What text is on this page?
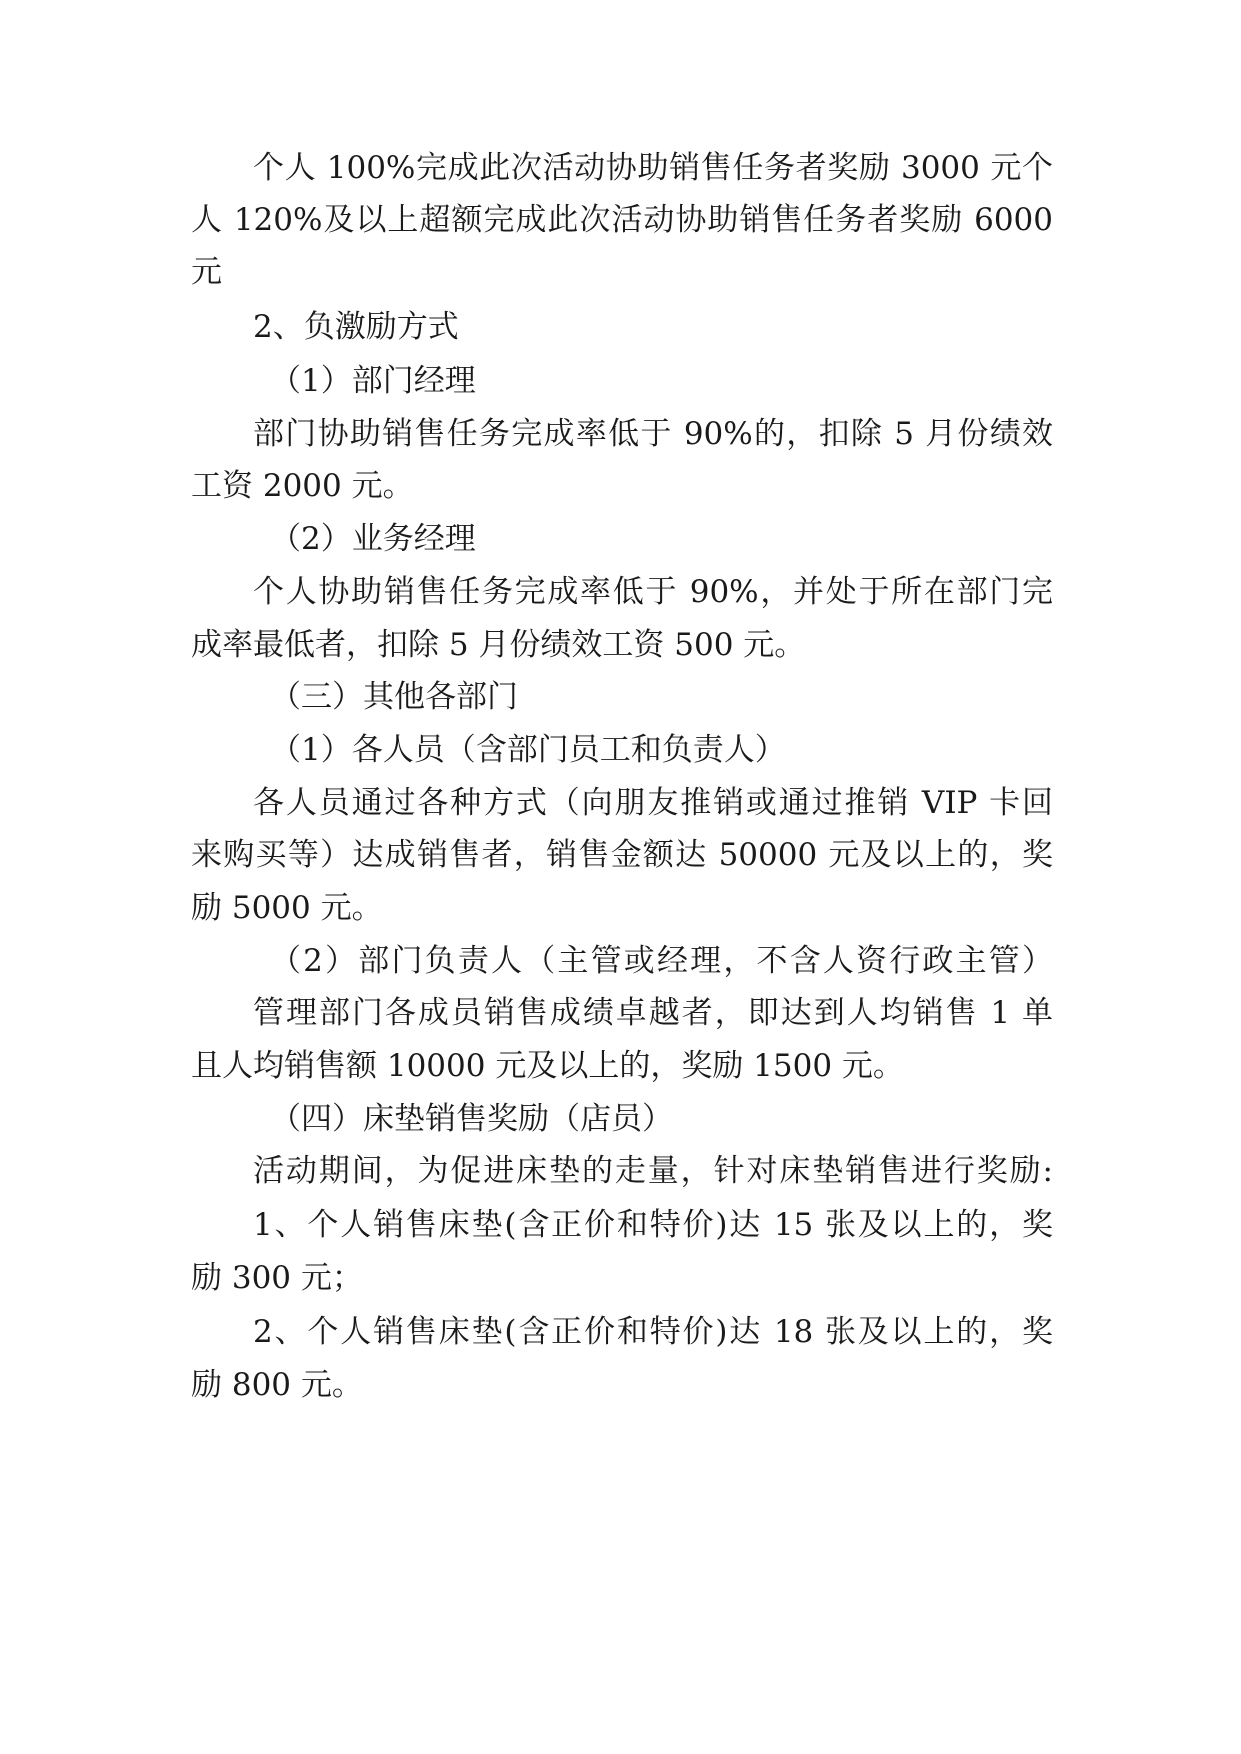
个人 100%完成此次活动协助销售任务者奖励 3000 元个
人 120%及以上超额完成此次活动协助销售任务者奖励 6000
元
2、负激励方式
（1）部门经理
部门协助销售任务完成率低于 90%的，扣除 5 月份绩效
工资 2000 元。
（2）业务经理
个人协助销售任务完成率低于 90%，并处于所在部门完
成率最低者，扣除 5 月份绩效工资 500 元。
（三）其他各部门
（1）各人员（含部门员工和负责人）
各人员通过各种方式（向朋友推销或通过推销 VIP 卡回
来购买等）达成销售者，销售金额达 50000 元及以上的，奖
励 5000 元。
（2）部门负责人（主管或经理，不含人资行政主管）
管理部门各成员销售成绩卓越者，即达到人均销售 1 单
且人均销售额 10000 元及以上的，奖励 1500 元。
（四）床垫销售奖励（店员）
活动期间，为促进床垫的走量，针对床垫销售进行奖励:
1、个人销售床垫(含正价和特价)达 15 张及以上的，奖
励 300 元；
2、个人销售床垫(含正价和特价)达 18 张及以上的，奖
励 800 元。
